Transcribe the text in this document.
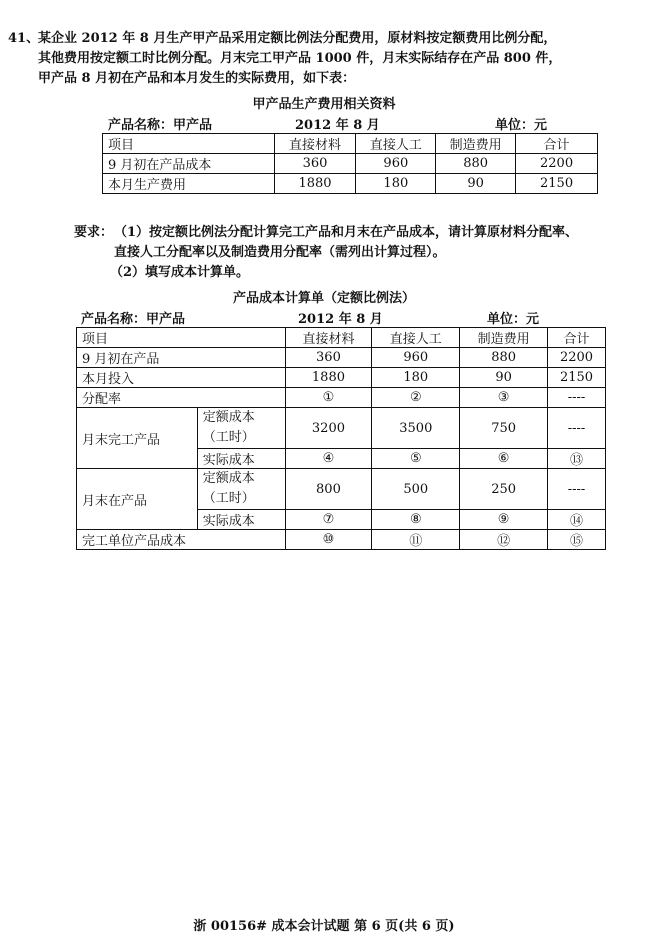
41、

某企业 2012 年 8 月生产甲产品采用定额比例法分配费用，原材料按定额费用比例分配，

其他费用按定额工时比例分配。月末完工甲产品 1000 件，月末实际结存在产品 800 件，

甲产品 8 月初在产品和本月发生的实际费用，如下表：

甲产品生产费用相关资料
产品名称：甲产品	2012 年 8 月	单位：元
项目	直接材料	直接人工	制造费用	合计
9 月初在产品成本	360	960	880	2200
本月生产费用	1880	180	90	2150
要求： （1）按定额比例法分配计算完工产品和月末在产品成本，请计算原材料分配率、
直接人工分配率以及制造费用分配率（需列出计算过程）。
（2）填写成本计算单。
产品成本计算单（定额比例法）
产品名称：甲产品	2012 年 8 月	单位：元
项目		直接材料	直接人工	制造费用	合计
9 月初在产品		360	960	880	2200
本月投入		1880	180	90	2150
分配率		①	②	③	----
月末完工产品	定额成本
（工时）	3200	3500	750	----
	实际成本	④	⑤	⑥	⑬
月末在产品	定额成本
（工时）	800	500	250	----
	实际成本	⑦	⑧	⑨	⑭
完工单位产品成本		⑩	⑪	⑫	⑮
浙 00156# 成本会计试题 第 6 页(共 6 页)
